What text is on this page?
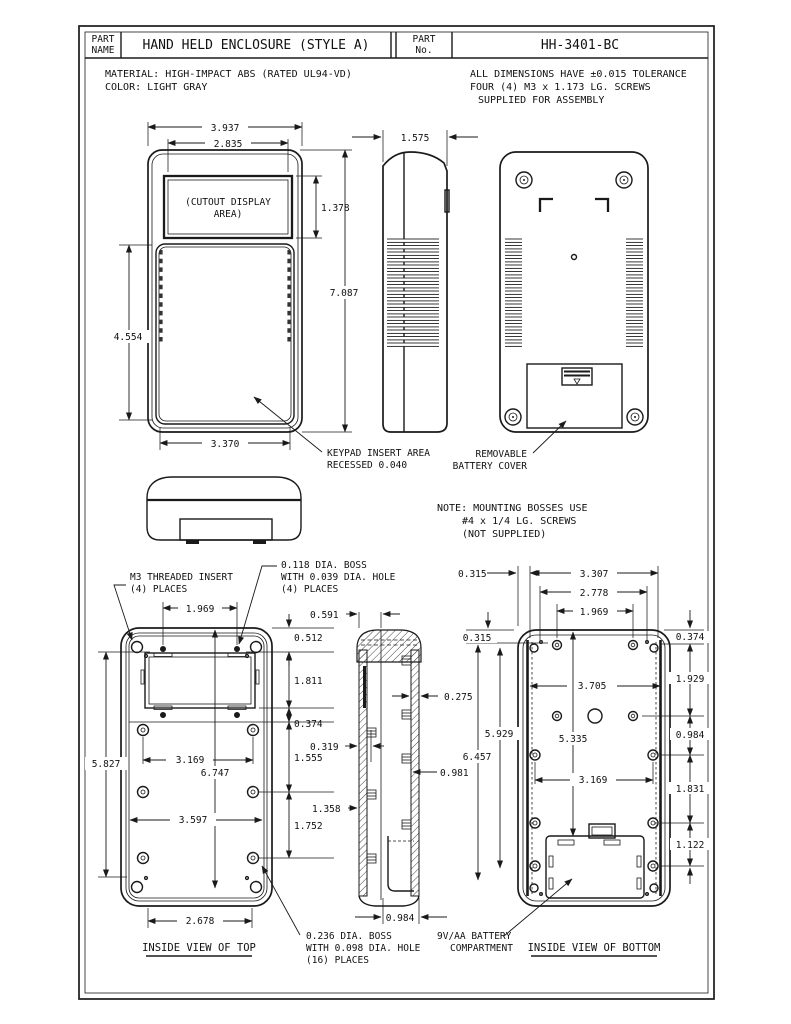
PART
NAME HAND HELD ENCLOSURE (STYLE A)	PART
No.	HH-3401-BC
MATERIAL: HIGH-IMPACT ABS (RATED UL94-VD)
COLOR: LIGHT GRAY
ALL DIMENSIONS HAVE ±0.015 TOLERANCE
FOUR (4) M3 x 1.173 LG. SCREWS
SUPPLIED FOR ASSEMBLY
(CUTOUT DISPLAY
AREA)
3.937
2.835
1.378
7.087
4.554
3.370
KEYPAD INSERT AREA
RECESSED 0.040
1.575
REMOVABLE
BATTERY COVER
NOTE: MOUNTING BOSSES USE
#4 x 1/4 LG. SCREWS
(NOT SUPPLIED)
M3 THREADED INSERT
(4) PLACES
0.118 DIA. BOSS
WITH 0.039 DIA. HOLE
(4) PLACES
1.969
0.512
1.811
0.374
1.555
1.752
3.169
6.747
5.827
3.597
2.678
INSIDE VIEW OF TOP
0.591
0.275
0.319
0.981
1.358
0.984
0.236 DIA. BOSS
WITH 0.098 DIA. HOLE
(16) PLACES
0.315	3.307
2.778
1.969
0.315
6.457
5.929
0.374
1.929
0.984
1.831
1.122
3.705
5.335
3.169
9V/AA BATTERY
COMPARTMENT INSIDE VIEW OF BOTTOM
